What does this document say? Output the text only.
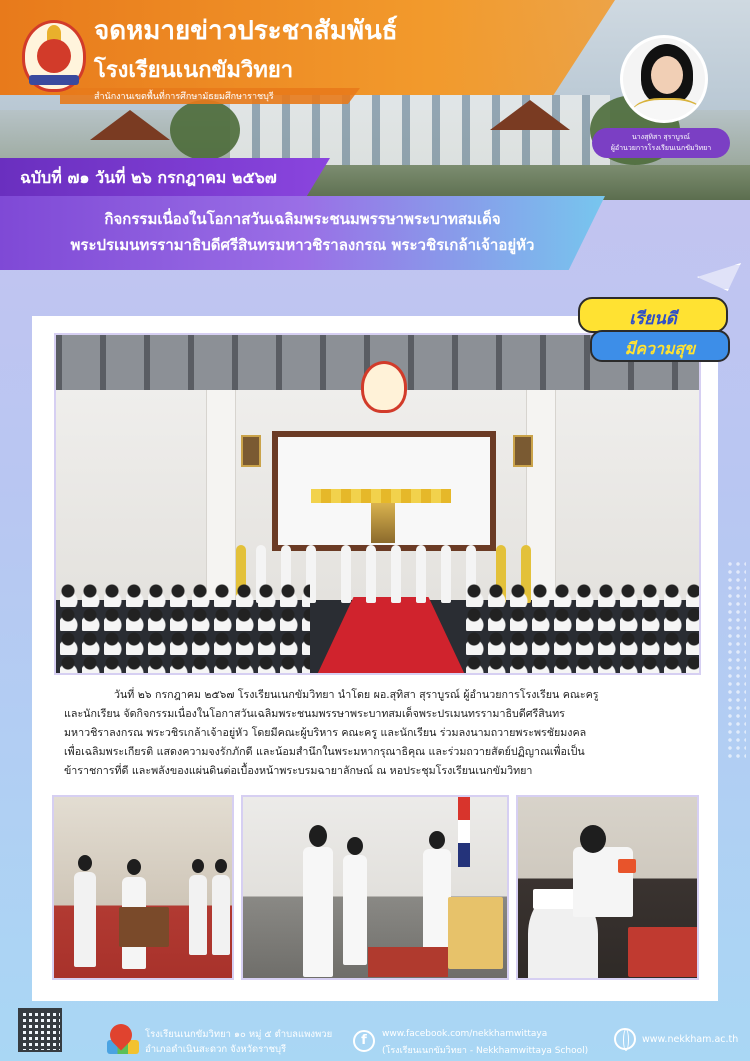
จดหมายข่าวประชาสัมพันธ์
โรงเรียนเนกขัมวิทยา
สำนักงานเขตพื้นที่การศึกษามัธยมศึกษาราชบุรี
นางสุทิสา สุราบูรณ์
ผู้อำนวยการโรงเรียนเนกขัมวิทยา
ฉบับที่ ๗๑ วันที่ ๒๖ กรกฎาคม ๒๕๖๗
กิจกรรมเนื่องในโอกาสวันเฉลิมพระชนมพรรษาพระบาทสมเด็จ
พระปรเมนทรรามาธิบดีศรีสินทรมหาวชิราลงกรณ พระวชิรเกล้าเจ้าอยู่หัว
วันที่ ๒๖ กรกฎาคม ๒๕๖๗ โรงเรียนเนกขัมวิทยา นำโดย ผอ.สุทิสา สุราบูรณ์ ผู้อำนวยการโรงเรียน คณะครู
และนักเรียน จัดกิจกรรมเนื่องในโอกาสวันเฉลิมพระชนมพรรษาพระบาทสมเด็จพระปรเมนทรรามาธิบดีศรีสินทร
มหาวชิราลงกรณ พระวชิรเกล้าเจ้าอยู่หัว โดยมีคณะผู้บริหาร คณะครู และนักเรียน ร่วมลงนามถวายพระพรชัยมงคล
เพื่อเฉลิมพระเกียรติ แสดงความจงรักภักดี และน้อมสำนึกในพระมหากรุณาธิคุณ และร่วมถวายสัตย์ปฏิญาณเพื่อเป็น
ข้าราชการที่ดี และพลังของแผ่นดินต่อเบื้องหน้าพระบรมฉายาลักษณ์ ณ หอประชุมโรงเรียนเนกขัมวิทยา
เรียนดี
มีความสุข
โรงเรียนเนกขัมวิทยา ๑๐ หมู่ ๕ ตำบลแพงพวย
อำเภอดำเนินสะดวก จังหวัดราชบุรี
f	www.facebook.com/nekkhamwittaya
(โรงเรียนเนกขัมวิทยา - Nekkhamwittaya School)
www.nekkham.ac.th
